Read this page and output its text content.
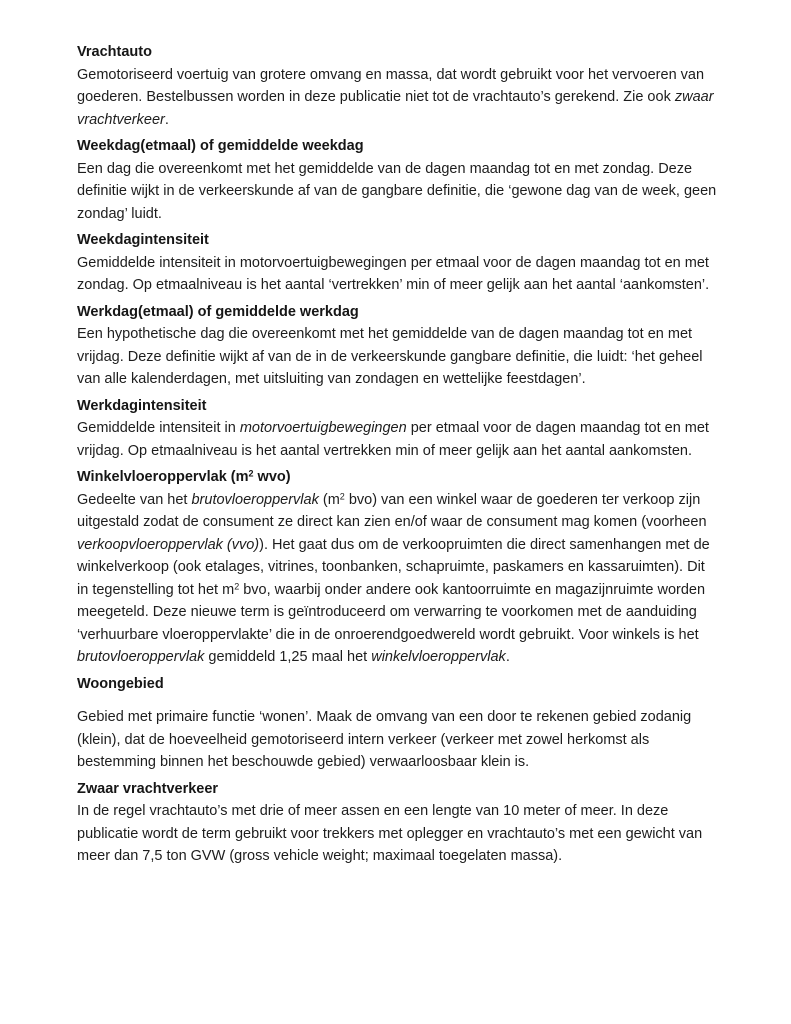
Vrachtauto

Gemotoriseerd voertuig van grotere omvang en massa, dat wordt gebruikt voor het vervoeren van goederen. Bestelbussen worden in deze publicatie niet tot de vrachtauto’s gerekend. Zie ook zwaar vrachtverkeer.

Weekdag(etmaal) of gemiddelde weekdag

Een dag die overeenkomt met het gemiddelde van de dagen maandag tot en met zondag. Deze definitie wijkt in de verkeerskunde af van de gangbare definitie, die ‘gewone dag van de week, geen zondag’ luidt.

Weekdagintensiteit

Gemiddelde intensiteit in motorvoertuigbewegingen per etmaal voor de dagen maandag tot en met zondag. Op etmaalniveau is het aantal ‘vertrekken’ min of meer gelijk aan het aantal ‘aankomsten’.

Werkdag(etmaal) of gemiddelde werkdag

Een hypothetische dag die overeenkomt met het gemiddelde van de dagen maandag tot en met vrijdag. Deze definitie wijkt af van de in de verkeerskunde gangbare definitie, die luidt: ‘het geheel van alle kalenderdagen, met uitsluiting van zondagen en wettelijke feestdagen’.

Werkdagintensiteit

Gemiddelde intensiteit in motorvoertuigbewegingen per etmaal voor de dagen maandag tot en met vrijdag. Op etmaalniveau is het aantal vertrekken min of meer gelijk aan het aantal aankomsten.

Winkelvloeroppervlak ($m^2$ wvo)

Gedeelte van het brutovloeroppervlak ($m^2$ bvo) van een winkel waar de goederen ter verkoop zijn uitgestald zodat de consument ze direct kan zien en/of waar de consument mag komen (voorheen verkoopvloeroppervlak (vvo)). Het gaat dus om de verkoopruimten die direct samenhangen met de winkelverkoop (ook etalages, vitrines, toonbanken, schapruimte, paskamers en kassaruimten). Dit in tegenstelling tot het $m^2$ bvo, waarbij onder andere ook kantoorruimte en magazijnruimte worden meegeteld. Deze nieuwe term is geïntroduceerd om verwarring te voorkomen met de aanduiding ‘verhuurbare vloeroppervlakte’ die in de onroerendgoedwereld wordt gebruikt. Voor winkels is het brutovloeroppervlak gemiddeld 1,25 maal het winkelvloeroppervlak.

Woongebied

Gebied met primaire functie ‘wonen’. Maak de omvang van een door te rekenen gebied zodanig (klein), dat de hoeveelheid gemotoriseerd intern verkeer (verkeer met zowel herkomst als bestemming binnen het beschouwde gebied) verwaarloosbaar klein is.

Zwaar vrachtverkeer

In de regel vrachtauto’s met drie of meer assen en een lengte van 10 meter of meer. In deze publicatie wordt de term gebruikt voor trekkers met oplegger en vrachtauto’s met een gewicht van meer dan 7,5 ton GVW (gross vehicle weight; maximaal toegelaten massa).
